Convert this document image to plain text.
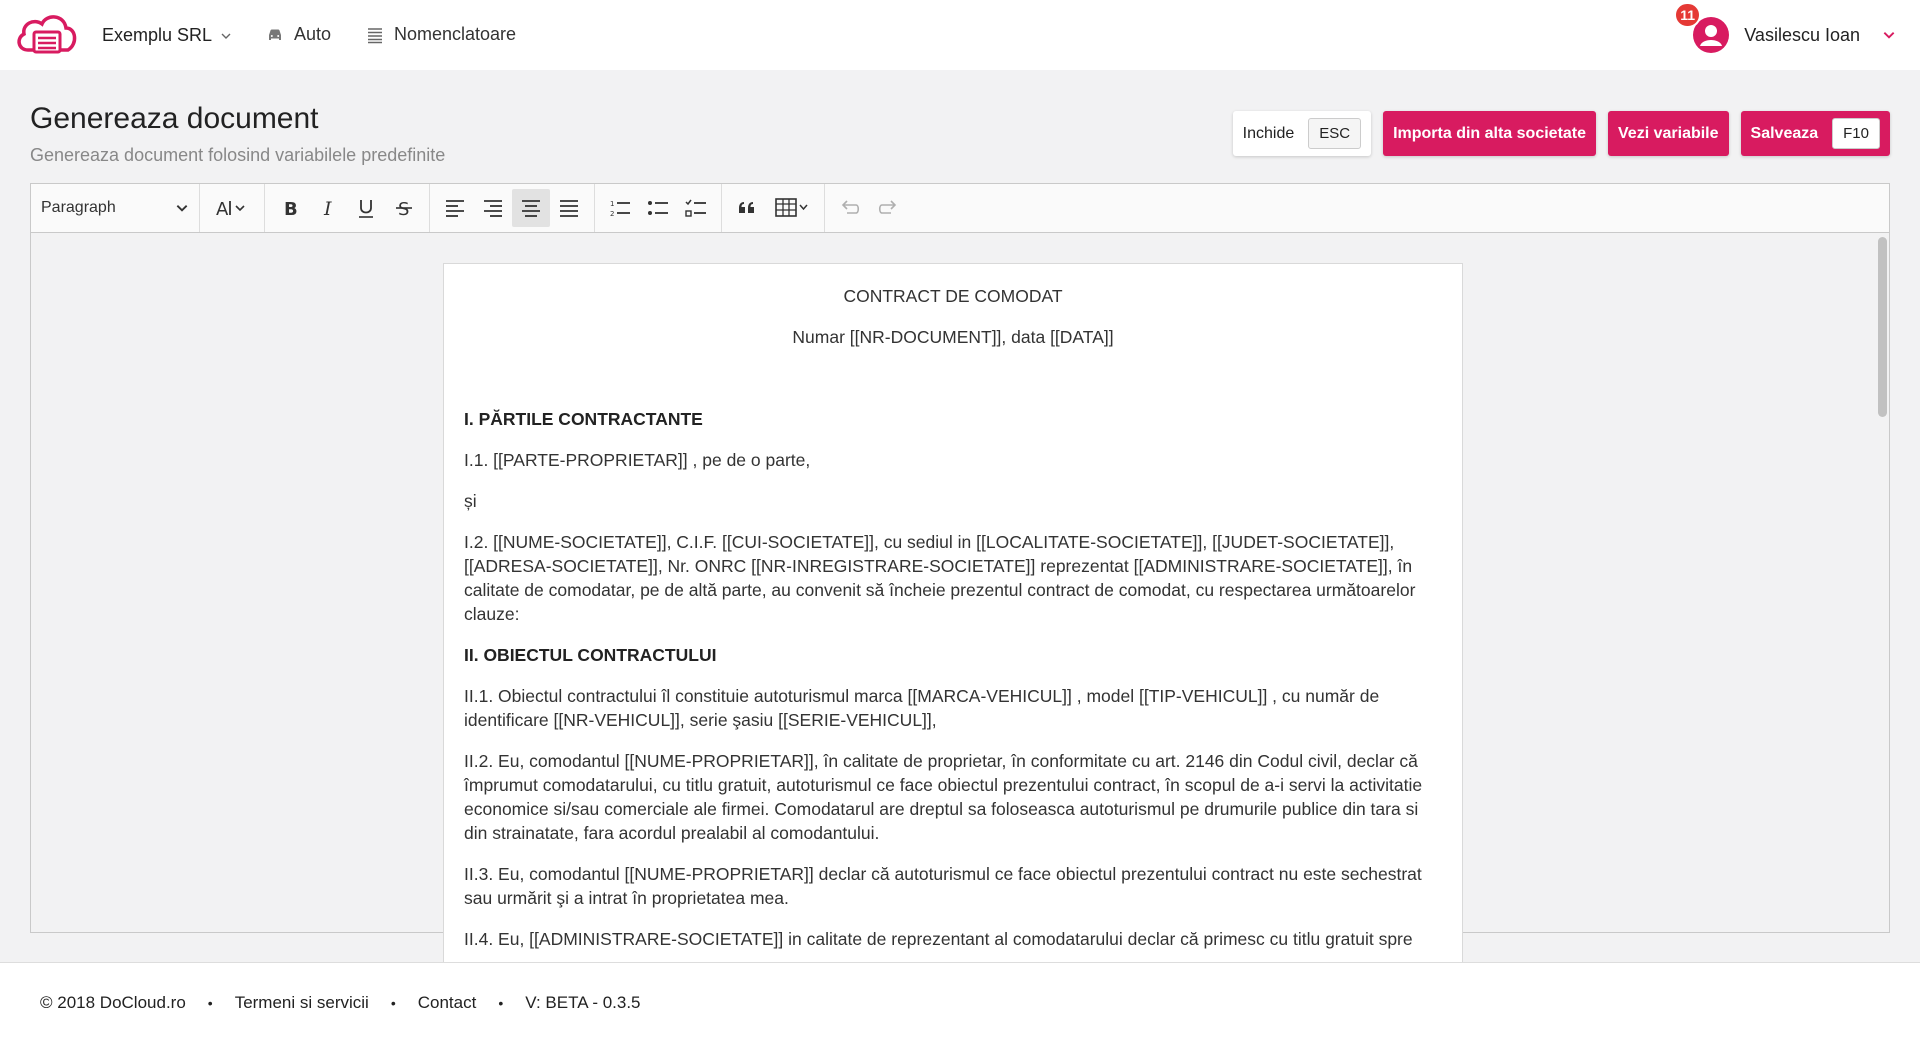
Exemplu SRL	Auto	Nomenclatoare
11
Vasilescu Ioan
Genereaza document
Genereaza document folosind variabilele predefinite
Inchide	ESC	Importa din alta societate Vezi variabile Salveaza	F10
Paragraph	A	B I	S	1
2

CONTRACT DE COMODAT

Numar [[NR-DOCUMENT]], data [[DATA]]

I. PĂRTILE CONTRACTANTE

I.1. [[PARTE-PROPRIETAR]] , pe de o parte,

și

I.2. [[NUME-SOCIETATE]], C.I.F. [[CUI-SOCIETATE]], cu sediul in [[LOCALITATE-SOCIETATE]], [[JUDET-SOCIETATE]], [[ADRESA-SOCIETATE]], Nr. ONRC [[NR-INREGISTRARE-SOCIETATE]] reprezentat [[ADMINISTRARE-SOCIETATE]], în calitate de comodatar, pe de altă parte, au convenit să încheie prezentul contract de comodat, cu respectarea următoarelor clauze:

II. OBIECTUL CONTRACTULUI

II.1. Obiectul contractului îl constituie autoturismul marca [[MARCA-VEHICUL]] , model [[TIP-VEHICUL]] , cu număr de identificare [[NR-VEHICUL]], serie şasiu [[SERIE-VEHICUL]],

II.2. Eu, comodantul [[NUME-PROPRIETAR]], în calitate de proprietar, în conformitate cu art. 2146 din Codul civil, declar că împrumut comodatarului, cu titlu gratuit, autoturismul ce face obiectul prezentului contract, în scopul de a-i servi la activitatie economice si/sau comerciale ale firmei. Comodatarul are dreptul sa foloseasca autoturismul pe drumurile publice din tara si din strainatate, fara acordul prealabil al comodantului.

II.3. Eu, comodantul [[NUME-PROPRIETAR]] declar că autoturismul ce face obiectul prezentului contract nu este sechestrat sau urmărit şi a intrat în proprietatea mea.

II.4. Eu, [[ADMINISTRARE-SOCIETATE]] in calitate de reprezentant al comodatarului declar că primesc cu titlu gratuit spre

© 2018 DoCloud.ro • Termeni si servicii • Contact • V: BETA - 0.3.5
